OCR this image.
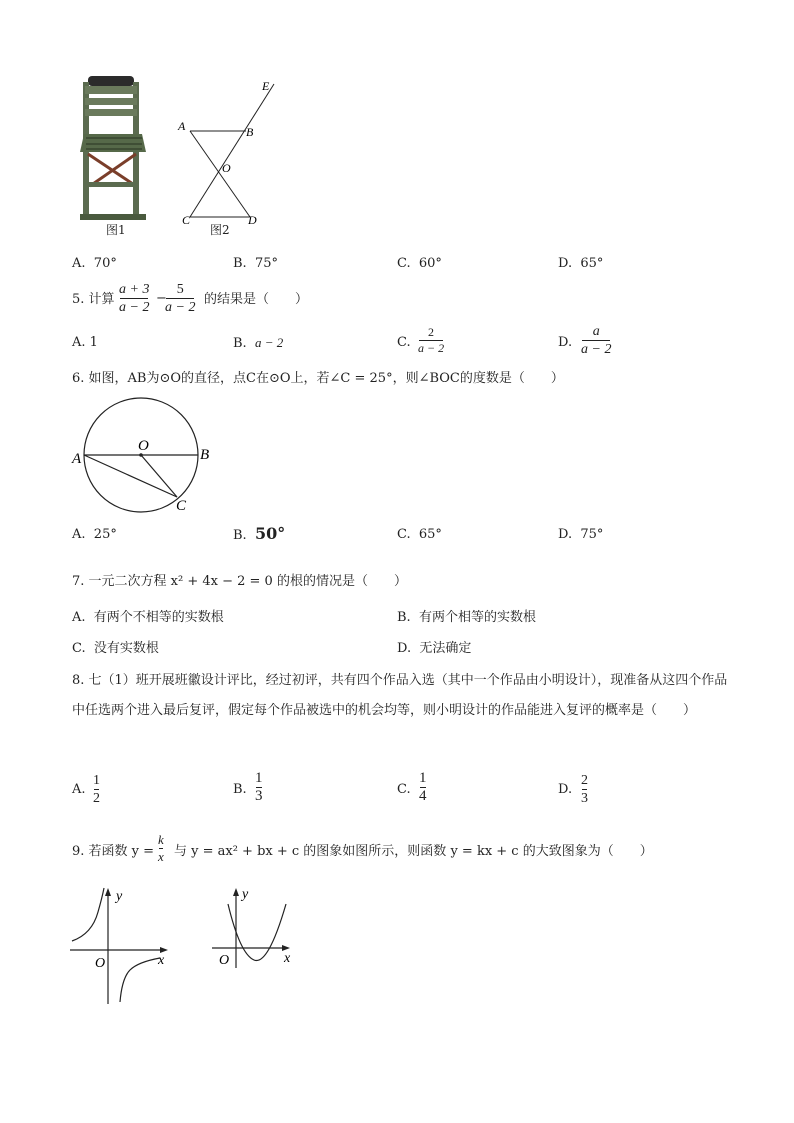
图1
E
A	B
O
C	D
图2
A. 70°	B. 75°	C. 60°	D. 65°
5. 计算
a + 3
a − 2
−
5
a − 2
的结果是（　　）
A. 1	B. a − 2	C.
2
a − 2	D.
a
a − 2
6. 如图，AB为⊙O的直径，点C在⊙O上，若∠C = 25°，则∠BOC的度数是（　　）
A	B
O
C
A. 25°	B. 50°	C. 65°	D. 75°
7. 一元二次方程 x² + 4x − 2 = 0 的根的情况是（　　）
A. 有两个不相等的实数根	B. 有两个相等的实数根
C. 没有实数根	D. 无法确定
8. 七（1）班开展班徽设计评比，经过初评，共有四个作品入选（其中一个作品由小明设计），现准备从这四个作品中任选两个进入最后复评，假定每个作品被选中的机会均等，则小明设计的作品能进入复评的概率是（　　）
A.
1
2
B.
1
3	C.
1
4	D.
2
3
9. 若函数 y =
k
x 与 y = ax² + bx + c 的图象如图所示，则函数 y = kx + c 的大致图象为（　　）
y
x
O
y
x
O
